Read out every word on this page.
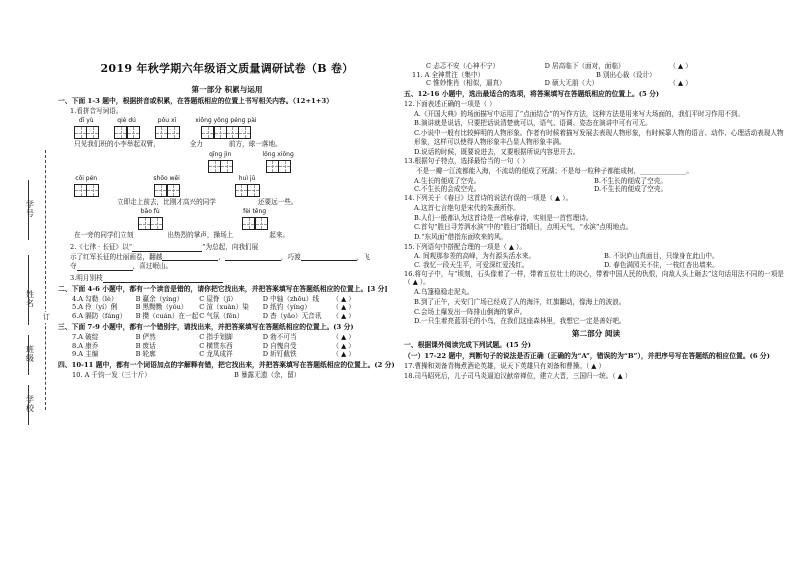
学号
姓名
班级
学校
订
2019 年秋学期六年级语文质量调研试卷（B 卷）
第一部分 积累与运用
一、下面 1-3 题中，根据拼音或积累，在答题纸相应的位置上书写相关内容。（12+1+3）
1.看拼音写词语。
dī yù	qiè dú	pǒu xī	xiōnɡ yǒnɡ pénɡ pài
只见我们班的小李举起双臂，	全力	前方，球一落地。
qīnɡ jìn	lǒnɡ xiōnɡ
cōi pén	shōo wēi	huì jǔ
立即走上前去，比刚才高兴的同学	还要远一些。
bāo fù	fèi tēnɡ
在一旁的同学们立刻	出热烈的掌声，操场上	起来。
2.《七律 · 长征》以“	”为总起，向我们展
示了红军长征的壮丽画卷，翻越	，	，巧渡	，飞
夺	，喜过岷山。
3.明月别枝
二、下面 4-6 小题中，都有一个读音是错的，请你把它找出来，并把答案填写在答题纸相应的位置上。[3 分]
4.A 勾勒（lè）	B 赢余（yínɡ）	C 屋脊（jǐ）	D 中轴（zhōu）线	（ ▲ ）
5.A 伶（yí）俐	B 黑黝黝（yǒu）	C 渲（xuàn）染	D 纸钓（yínɡ）	（ ▲ ）
6.A 膈防（fánɡ）	B 攒（cuán）在一起 C 气氛（fēn）	D 杳（yǎo）无音讯	（ ▲ ）
三、下面 7-9 小题中，都有一个错别字，请找出来，并把答案填写在答题纸相应的位置上。(3 分)
7.A 破绽	B 俨然	C 指手划脚	D 勃不可当	（ ▲ ）
8.A 康乔	B 废话	C 横贯东西	D 自愧自受	（ ▲ ）
9.A 主编	B 轮廓	C 龙凤成祥	D 斩钉截铁	（ ▲ ）
四、10-11 题中，都有一个词语加点的字解释有错，把它找出来，并把答案填写在答题纸相应的位置上。(2 分)
10. A 千钧一发（三十斤）	B 暴露无遗（余，留）
C 忐忑不安（心神不宁）	D 居高临下（面对，面临）	（ ▲ ）
11. A 全神贯注（集中）	B 别出心裁（设计）
C 惟妙惟肖（相似，逼真）	D 硕大无朋（大）	（ ▲ ）
五、12-16 小题中，选出最适合的选项，将答案填写在答题纸相应的位置上。(5 分)
12.下面表述正确的一项是（ ）
A.《开国大典》的场面描写中运用了“点面结合”的写作方法，这种方法是用来写大场面的，我们平时习作用不到。
B.演讲就是说话，只要把话说清楚就可以，语气、语调、姿态在演讲中可有可无。
C.小说中一般有比较鲜明的人物形象。作者有时候着描写发展去表现人物形象，有时候靠人物的语言、动作、心理活动表现人物形象，这样可以使得人物形象丰凸显人物形象丰满。
D.说话的时候，既要说进去，又要根据所说内容思开去。
13.根据句子特点，选择最恰当的一句（ ）
不是一瓣一江流都能入海，不流动的便成了死湖；不是每一粒种子都能成树，______________。
A.生长的便成了空壳。	B.不生长的便成了空壳。
C.不生长的会成空壳。	D.不生长的便成了空壳。
14.下列关于《春日》这首诗的说法有误的一项是（ ▲ ）。
A.这首七言绝句是宋代的朱熹所作。
B.人们一般都认为这首诗是一首咏春诗，实则是一首哲理诗。
C.首句“胜日寻芳泗水滨”中的“胜日”指晴日，点明天气，“水滨”点明地点。
D.“东风面”借指东面吹来的风。
15.下列语句中搭配合理的一项是（ ▲ ）。
A. 间观那参差的高峰，为有源头活水来。	B. 不识庐山真面目，只缘身在此山中。
C. 我忆一段天生平，可爱深红爱浅红。	D. 春色满园关不住，一枝红杏出墙来。
16.将句子中，与“顷刻，石头像着了一样，带着五位壮士的决心，带着中国人民的仇恨，向敌人头上砸去”这句话用法不同的一项是（ ▲ ）。
A.乌篷稳稳走泥丸。
B.到了正午，天安门广场已经成了人的海洋，红旗翻动，像海上的波浪。
C.会场上爆发出一阵排山倒海的掌声。
D.一只生着亮蓝羽毛的小鸟，在我们这座森林里，我想它一定是善好吧。
第二部分 阅读
一、根据课外阅读完成下列试题。(15 分)
（一）17-22 题中，判断句子的说法是否正确（正确的为“A”，错误的为“B”），并把序号写在答题纸的相应位置。(6 分)
17.曹操和刘备青梅煮酒论英雄，说天下英雄只有刘备和曹操。（ ▲ ）
18.司马昭死后，儿子司马炎逼迫汉献帝禅位，建立大晋，三国归一统。（ ▲ ）
